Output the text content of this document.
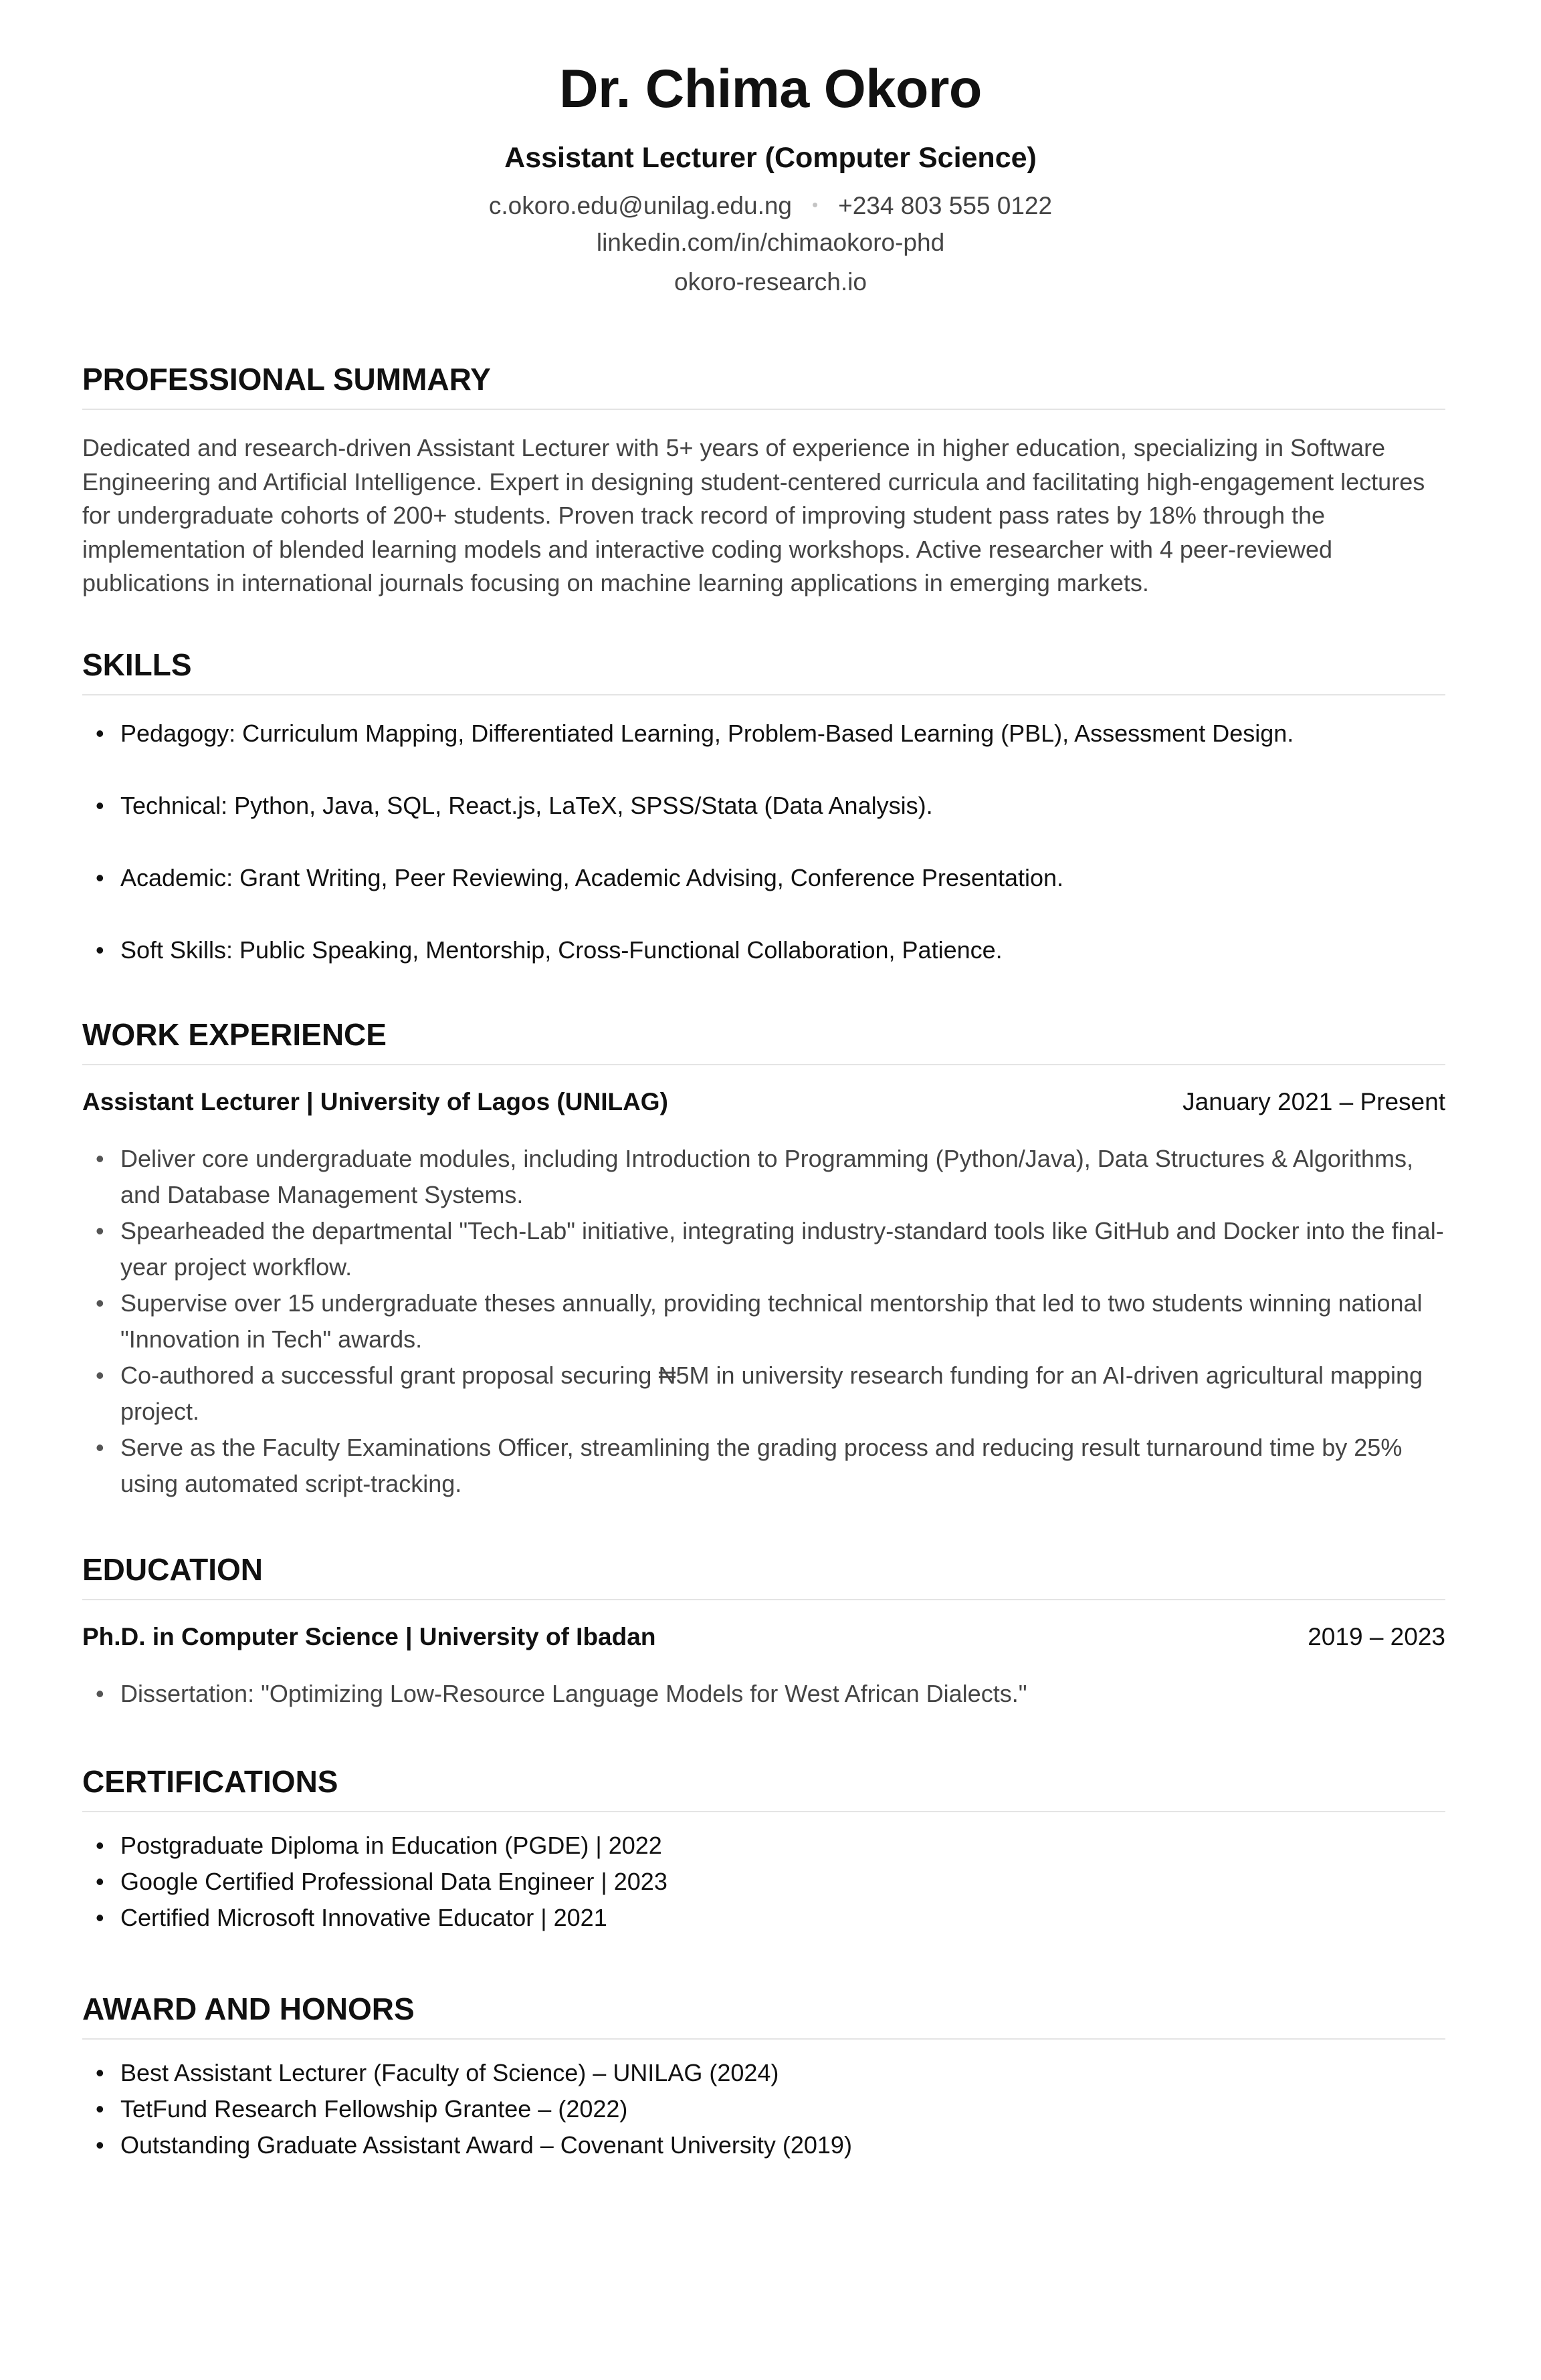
Dr. Chima Okoro
Assistant Lecturer (Computer Science)
c.okoro.edu@unilag.edu.ng • +234 803 555 0122
linkedin.com/in/chimaokoro-phd
okoro-research.io
PROFESSIONAL SUMMARY
Dedicated and research-driven Assistant Lecturer with 5+ years of experience in higher education, specializing in Software Engineering and Artificial Intelligence. Expert in designing student-centered curricula and facilitating high-engagement lectures for undergraduate cohorts of 200+ students. Proven track record of improving student pass rates by 18% through the implementation of blended learning models and interactive coding workshops. Active researcher with 4 peer-reviewed publications in international journals focusing on machine learning applications in emerging markets.
SKILLS
• Pedagogy: Curriculum Mapping, Differentiated Learning, Problem-Based Learning (PBL), Assessment Design.
• Technical: Python, Java, SQL, React.js, LaTeX, SPSS/Stata (Data Analysis).
• Academic: Grant Writing, Peer Reviewing, Academic Advising, Conference Presentation.
• Soft Skills: Public Speaking, Mentorship, Cross-Functional Collaboration, Patience.
WORK EXPERIENCE
Assistant Lecturer | University of Lagos (UNILAG)	January 2021 – Present
• Deliver core undergraduate modules, including Introduction to Programming (Python/Java), Data Structures & Algorithms, and Database Management Systems.
• Spearheaded the departmental "Tech-Lab" initiative, integrating industry-standard tools like GitHub and Docker into the final-year project workflow.
• Supervise over 15 undergraduate theses annually, providing technical mentorship that led to two students winning national "Innovation in Tech" awards.
• Co-authored a successful grant proposal securing ₦5M in university research funding for an AI-driven agricultural mapping project.
• Serve as the Faculty Examinations Officer, streamlining the grading process and reducing result turnaround time by 25% using automated script-tracking.
EDUCATION
Ph.D. in Computer Science | University of Ibadan	2019 – 2023
• Dissertation: "Optimizing Low-Resource Language Models for West African Dialects."
CERTIFICATIONS
• Postgraduate Diploma in Education (PGDE) | 2022
• Google Certified Professional Data Engineer | 2023
• Certified Microsoft Innovative Educator | 2021
AWARD AND HONORS
• Best Assistant Lecturer (Faculty of Science) – UNILAG (2024)
• TetFund Research Fellowship Grantee – (2022)
• Outstanding Graduate Assistant Award – Covenant University (2019)
